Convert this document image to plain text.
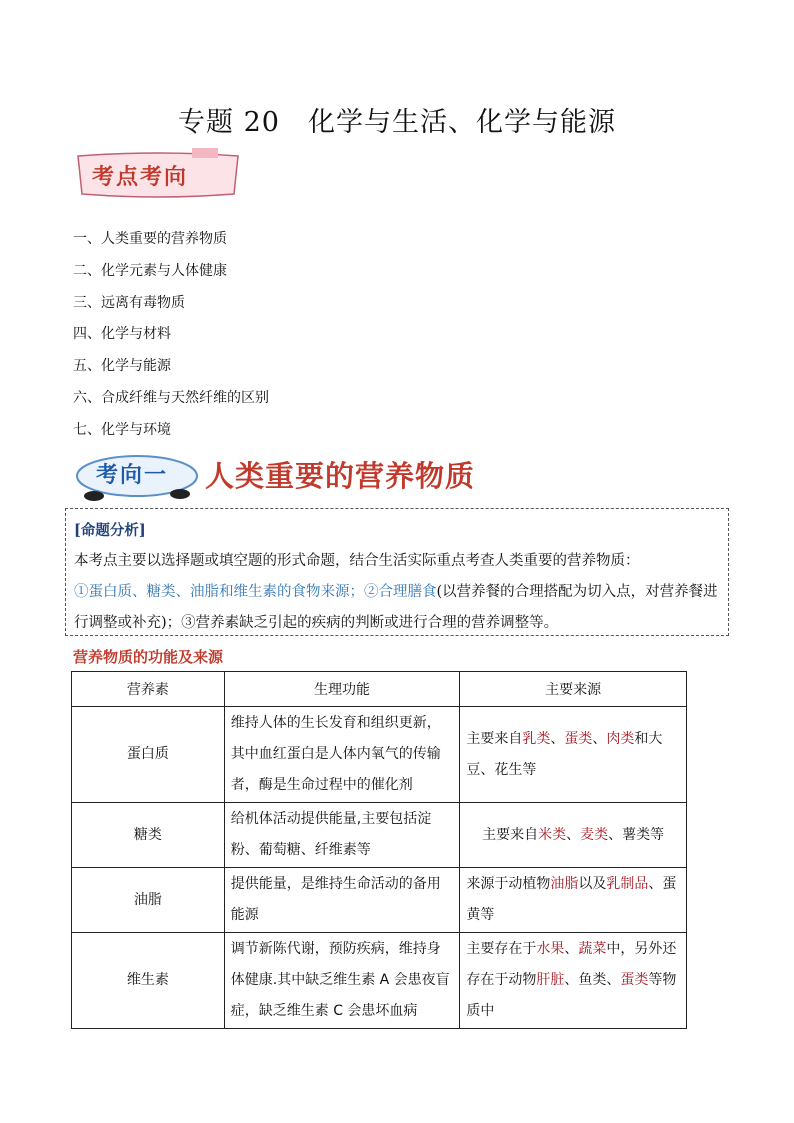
专题 20　化学与生活、化学与能源
考点考向
一、人类重要的营养物质
二、化学元素与人体健康
三、远离有毒物质
四、化学与材料
五、化学与能源
六、合成纤维与天然纤维的区别
七、化学与环境
考向一 人类重要的营养物质
[命题分析]
本考点主要以选择题或填空题的形式命题，结合生活实际重点考查人类重要的营养物质：
①蛋白质、糖类、油脂和维生素的食物来源；②合理膳食(以营养餐的合理搭配为切入点，对营养餐进行调整或补充)；③营养素缺乏引起的疾病的判断或进行合理的营养调整等。
营养物质的功能及来源
营养素	生理功能	主要来源
蛋白质	维持人体的生长发育和组织更新，其中血红蛋白是人体内氧气的传输者，酶是生命过程中的催化剂	主要来自乳类、蛋类、肉类和大豆、花生等
糖类	给机体活动提供能量,主要包括淀粉、葡萄糖、纤维素等	主要来自米类、麦类、薯类等
油脂	提供能量，是维持生命活动的备用能源	来源于动植物油脂以及乳制品、蛋黄等
维生素	调节新陈代谢，预防疾病，维持身体健康.其中缺乏维生素 A 会患夜盲症，缺乏维生素 C 会患坏血病	主要存在于水果、蔬菜中，另外还存在于动物肝脏、鱼类、蛋类等物质中
